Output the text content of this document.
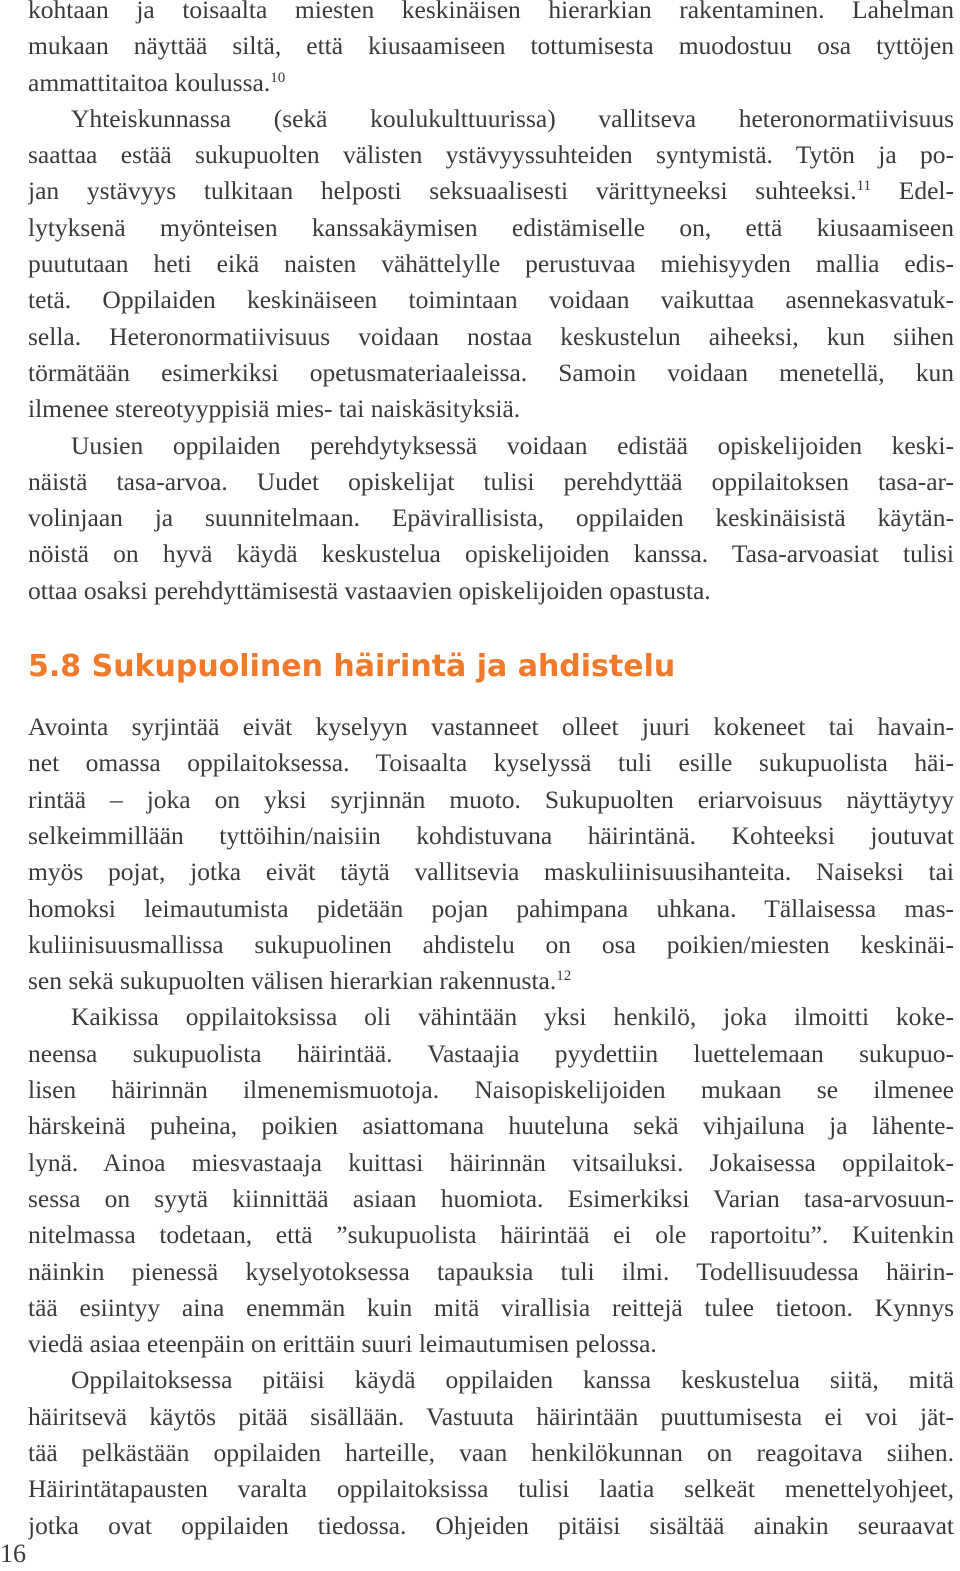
kohtaan ja toisaalta miesten keskinäisen hierarkian rakentaminen. Lahelman
mukaan näyttää siltä, että kiusaamiseen tottumisesta muodostuu osa tyttöjen
ammattitaitoa koulussa.$^{10}$
Yhteiskunnassa (sekä koulukulttuurissa) vallitseva heteronormatiivisuus
saattaa estää sukupuolten välisten ystävyyssuhteiden syntymistä. Tytön ja po-
jan ystävyys tulkitaan helposti seksuaalisesti värittyneeksi suhteeksi.$^{11}$ Edel-
lytyksenä myönteisen kanssakäymisen edistämiselle on, että kiusaamiseen
puututaan heti eikä naisten vähättelylle perustuvaa miehisyyden mallia edis-
tetä. Oppilaiden keskinäiseen toimintaan voidaan vaikuttaa asennekasvatuk-
sella. Heteronormatiivisuus voidaan nostaa keskustelun aiheeksi, kun siihen
törmätään esimerkiksi opetusmateriaaleissa. Samoin voidaan menetellä, kun
ilmenee stereotyyppisiä mies- tai naiskäsityksiä.
Uusien oppilaiden perehdytyksessä voidaan edistää opiskelijoiden keski-
näistä tasa-arvoa. Uudet opiskelijat tulisi perehdyttää oppilaitoksen tasa-ar-
volinjaan ja suunnitelmaan. Epävirallisista, oppilaiden keskinäisistä käytän-
nöistä on hyvä käydä keskustelua opiskelijoiden kanssa. Tasa-arvoasiat tulisi
ottaa osaksi perehdyttämisestä vastaavien opiskelijoiden opastusta.
5.8 Sukupuolinen häirintä ja ahdistelu
Avointa syrjintää eivät kyselyyn vastanneet olleet juuri kokeneet tai havain-
net omassa oppilaitoksessa. Toisaalta kyselyssä tuli esille sukupuolista häi-
rintää – joka on yksi syrjinnän muoto. Sukupuolten eriarvoisuus näyttäytyy
selkeimmillään tyttöihin/naisiin kohdistuvana häirintänä. Kohteeksi joutuvat
myös pojat, jotka eivät täytä vallitsevia maskuliinisuusihanteita. Naiseksi tai
homoksi leimautumista pidetään pojan pahimpana uhkana. Tällaisessa mas-
kuliinisuusmallissa sukupuolinen ahdistelu on osa poikien/miesten keskinäi-
sen sekä sukupuolten välisen hierarkian rakennusta.$^{12}$
Kaikissa oppilaitoksissa oli vähintään yksi henkilö, joka ilmoitti koke-
neensa sukupuolista häirintää. Vastaajia pyydettiin luettelemaan sukupuo-
lisen häirinnän ilmenemismuotoja. Naisopiskelijoiden mukaan se ilmenee
härskeinä puheina, poikien asiattomana huuteluna sekä vihjailuna ja lähente-
lynä. Ainoa miesvastaaja kuittasi häirinnän vitsailuksi. Jokaisessa oppilaitok-
sessa on syytä kiinnittää asiaan huomiota. Esimerkiksi Varian tasa-arvosuun-
nitelmassa todetaan, että ”sukupuolista häirintää ei ole raportoitu”. Kuitenkin
näinkin pienessä kyselyotoksessa tapauksia tuli ilmi. Todellisuudessa häirin-
tää esiintyy aina enemmän kuin mitä virallisia reittejä tulee tietoon. Kynnys
viedä asiaa eteenpäin on erittäin suuri leimautumisen pelossa.
Oppilaitoksessa pitäisi käydä oppilaiden kanssa keskustelua siitä, mitä
häiritsevä käytös pitää sisällään. Vastuuta häirintään puuttumisesta ei voi jät-
tää pelkästään oppilaiden harteille, vaan henkilökunnan on reagoitava siihen.
Häirintätapausten varalta oppilaitoksissa tulisi laatia selkeät menettelyohjeet,
jotka ovat oppilaiden tiedossa. Ohjeiden pitäisi sisältää ainakin seuraavat
16
